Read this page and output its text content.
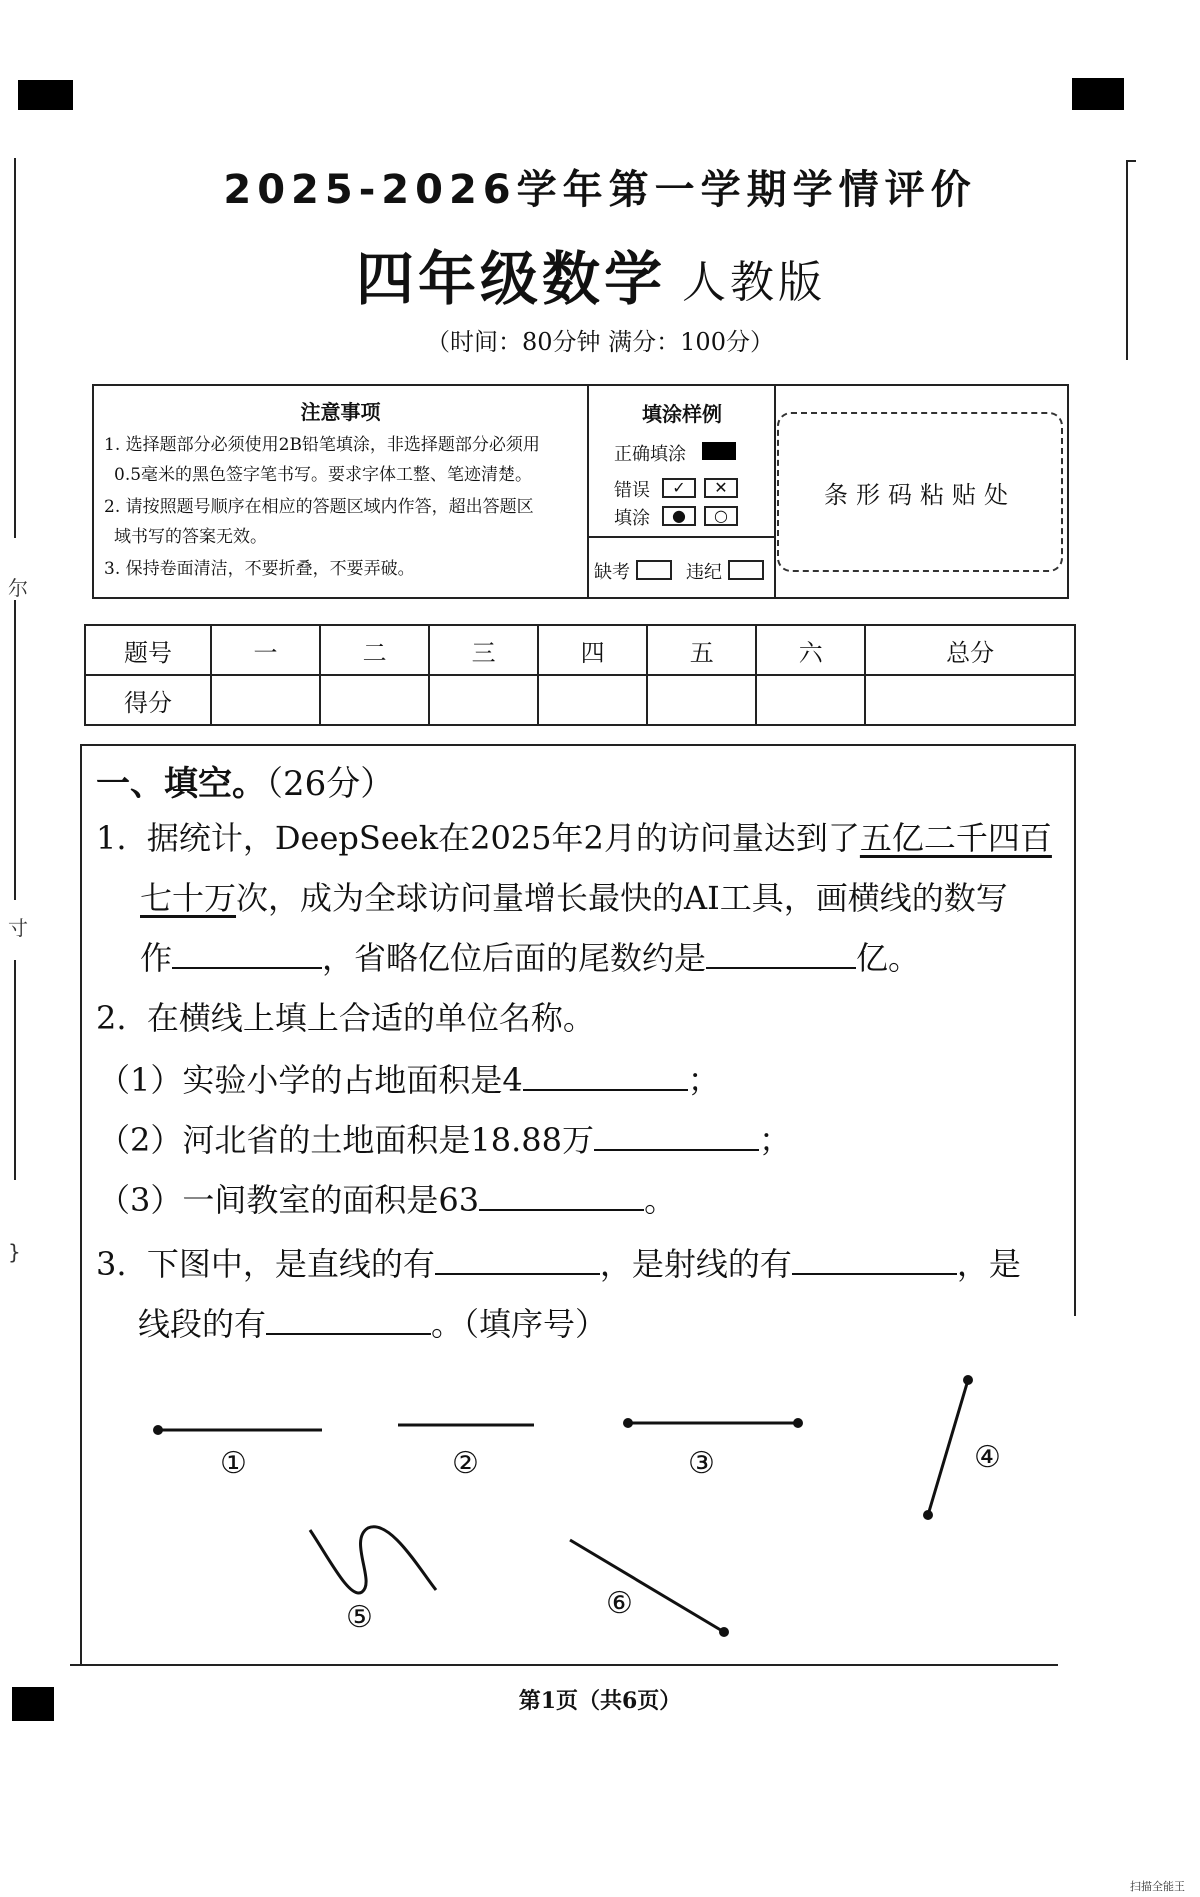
尔
寸
}
2025-2026学年第一学期学情评价
四年级数学 人教版
（时间：80分钟 满分：100分）
注意事项
1. 选择题部分必须使用2B铅笔填涂，非选择题部分必须用
0.5毫米的黑色签字笔书写。要求字体工整、笔迹清楚。
2. 请按照题号顺序在相应的答题区域内作答，超出答题区
域书写的答案无效。
3. 保持卷面清洁，不要折叠，不要弄破。
填涂样例
正确填涂
错误
填涂
✓	✕
●	○
缺考	违纪
条形码粘贴处
题号	一	二	三	四	五	六	总分
得分							
一、填空。（26分）
1. 据统计，DeepSeek在2025年2月的访问量达到了五亿二千四百
七十万次，成为全球访问量增长最快的AI工具，画横线的数写
作	，省略亿位后面的尾数约是	亿。
2. 在横线上填上合适的单位名称。
（1）实验小学的占地面积是4	；
（2）河北省的土地面积是18.88万	；
（3）一间教室的面积是63	。
3. 下图中，是直线的有	，是射线的有	，是
线段的有	。（填序号）
①	②	③	④
⑤	⑥
第1页（共6页）
扫描全能王
